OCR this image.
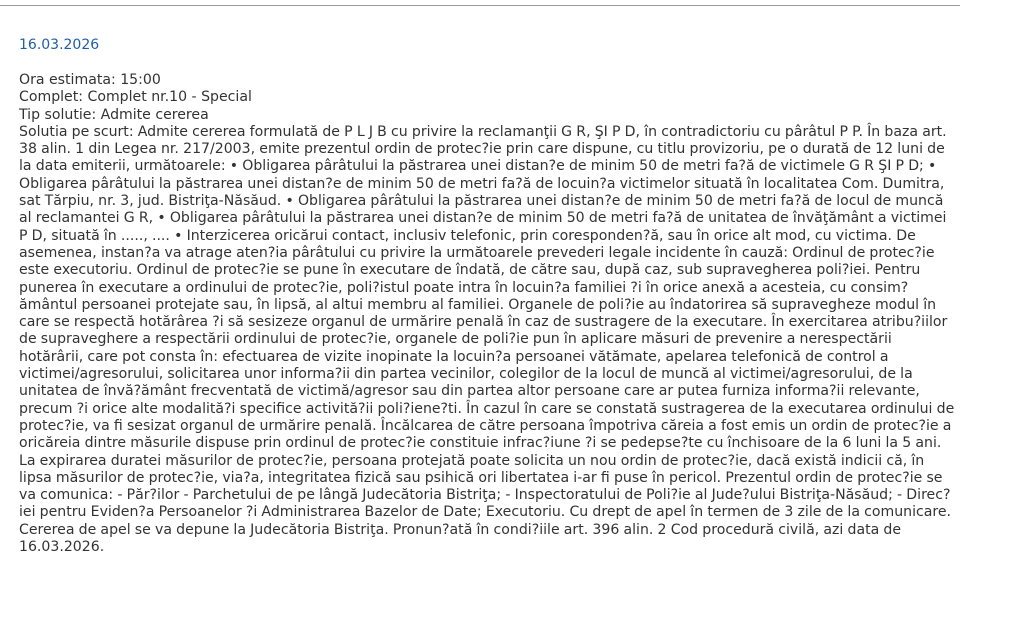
16.03.2026
Ora estimata: 15:00
Complet: Complet nr.10 - Special
Tip solutie: Admite cererea
Solutia pe scurt: Admite cererea formulată de P L J B cu privire la reclamanţii G R, ŞI P D, în contradictoriu cu pârâtul P P. În baza art. 38 alin. 1 din Legea nr. 217/2003, emite prezentul ordin de protec?ie prin care dispune, cu titlu provizoriu, pe o durată de 12 luni de la data emiterii, următoarele: • Obligarea pârâtului la păstrarea unei distan?e de minim 50 de metri fa?ă de victimele G R ŞI P D; • Obligarea pârâtului la păstrarea unei distan?e de minim 50 de metri fa?ă de locuin?a victimelor situată în localitatea Com. Dumitra, sat Tărpiu, nr. 3, jud. Bistriţa-Năsăud. • Obligarea pârâtului la păstrarea unei distan?e de minim 50 de metri fa?ă de locul de muncă al reclamantei G R, • Obligarea pârâtului la păstrarea unei distan?e de minim 50 de metri fa?ă de unitatea de învăţământ a victimei P D, situată în ....., .... • Interzicerea oricărui contact, inclusiv telefonic, prin coresponden?ă, sau în orice alt mod, cu victima. De asemenea, instan?a va atrage aten?ia pârâtului cu privire la următoarele prevederi legale incidente în cauză: Ordinul de protec?ie este executoriu. Ordinul de protec?ie se pune în executare de îndată, de către sau, după caz, sub supravegherea poli?iei. Pentru punerea în executare a ordinului de protec?ie, poli?istul poate intra în locuin?a familiei ?i în orice anexă a acesteia, cu consim?ământul persoanei protejate sau, în lipsă, al altui membru al familiei. Organele de poli?ie au îndatorirea să supravegheze modul în care se respectă hotărârea ?i să sesizeze organul de urmărire penală în caz de sustragere de la executare. În exercitarea atribu?iilor de supraveghere a respectării ordinului de protec?ie, organele de poli?ie pun în aplicare măsuri de prevenire a nerespectării hotărârii, care pot consta în: efectuarea de vizite inopinate la locuin?a persoanei vătămate, apelarea telefonică de control a victimei/agresorului, solicitarea unor informa?ii din partea vecinilor, colegilor de la locul de muncă al victimei/agresorului, de la unitatea de învă?ământ frecventată de victimă/agresor sau din partea altor persoane care ar putea furniza informa?ii relevante, precum ?i orice alte modalită?i specifice activită?ii poli?iene?ti. În cazul în care se constată sustragerea de la executarea ordinului de protec?ie, va fi sesizat organul de urmărire penală. Încălcarea de către persoana împotriva căreia a fost emis un ordin de protec?ie a oricăreia dintre măsurile dispuse prin ordinul de protec?ie constituie infrac?iune ?i se pedepse?te cu închisoare de la 6 luni la 5 ani. La expirarea duratei măsurilor de protec?ie, persoana protejată poate solicita un nou ordin de protec?ie, dacă există indicii că, în lipsa măsurilor de protec?ie, via?a, integritatea fizică sau psihică ori libertatea i-ar fi puse în pericol. Prezentul ordin de protec?ie se va comunica: - Păr?ilor - Parchetului de pe lângă Judecătoria Bistriţa; - Inspectoratului de Poli?ie al Jude?ului Bistriţa-Năsăud; - Direc?iei pentru Eviden?a Persoanelor ?i Administrarea Bazelor de Date; Executoriu. Cu drept de apel în termen de 3 zile de la comunicare. Cererea de apel se va depune la Judecătoria Bistriţa. Pronun?ată în condi?iile art. 396 alin. 2 Cod procedură civilă, azi data de 16.03.2026.
